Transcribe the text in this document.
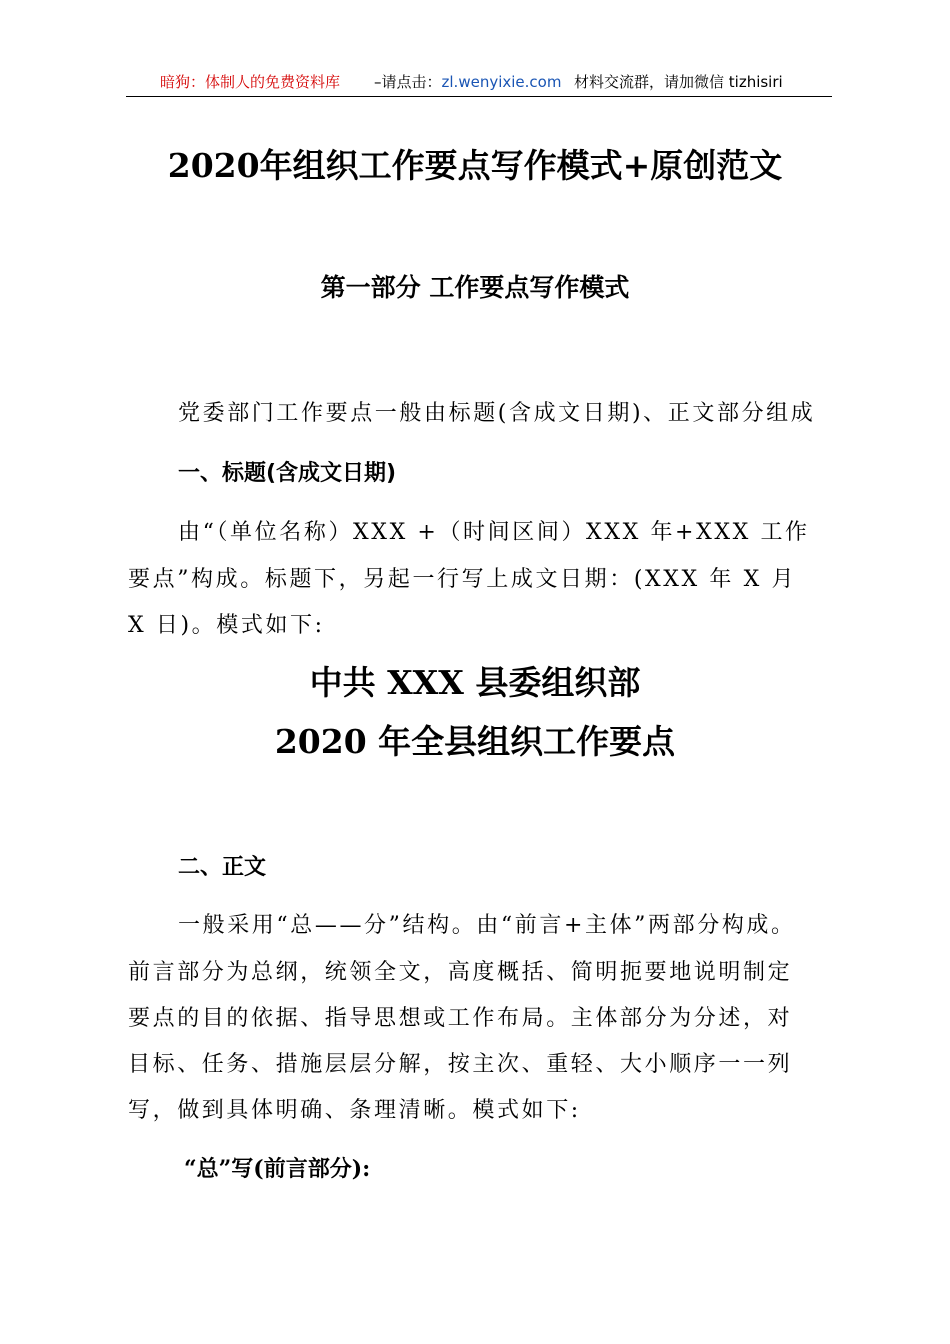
暗狗：体制人的免费资料库 –请点击：zl.wenyixie.com 材料交流群，请加微信 tizhisiri
2020年组织工作要点写作模式+原创范文
第一部分 工作要点写作模式
党委部门工作要点一般由标题(含成文日期)、正文部分组成
一、标题(含成文日期)
由“（单位名称）XXX +（时间区间）XXX 年+XXX 工作
要点”构成。标题下，另起一行写上成文日期：(XXX 年 X 月
X 日)。模式如下:
中共 XXX 县委组织部
2020 年全县组织工作要点
二、正文
一般采用“总——分”结构。由“前言+主体”两部分构成。
前言部分为总纲，统领全文，高度概括、简明扼要地说明制定
要点的目的依据、指导思想或工作布局。主体部分为分述，对
目标、任务、措施层层分解，按主次、重轻、大小顺序一一列
写，做到具体明确、条理清晰。模式如下:
“总”写(前言部分):
